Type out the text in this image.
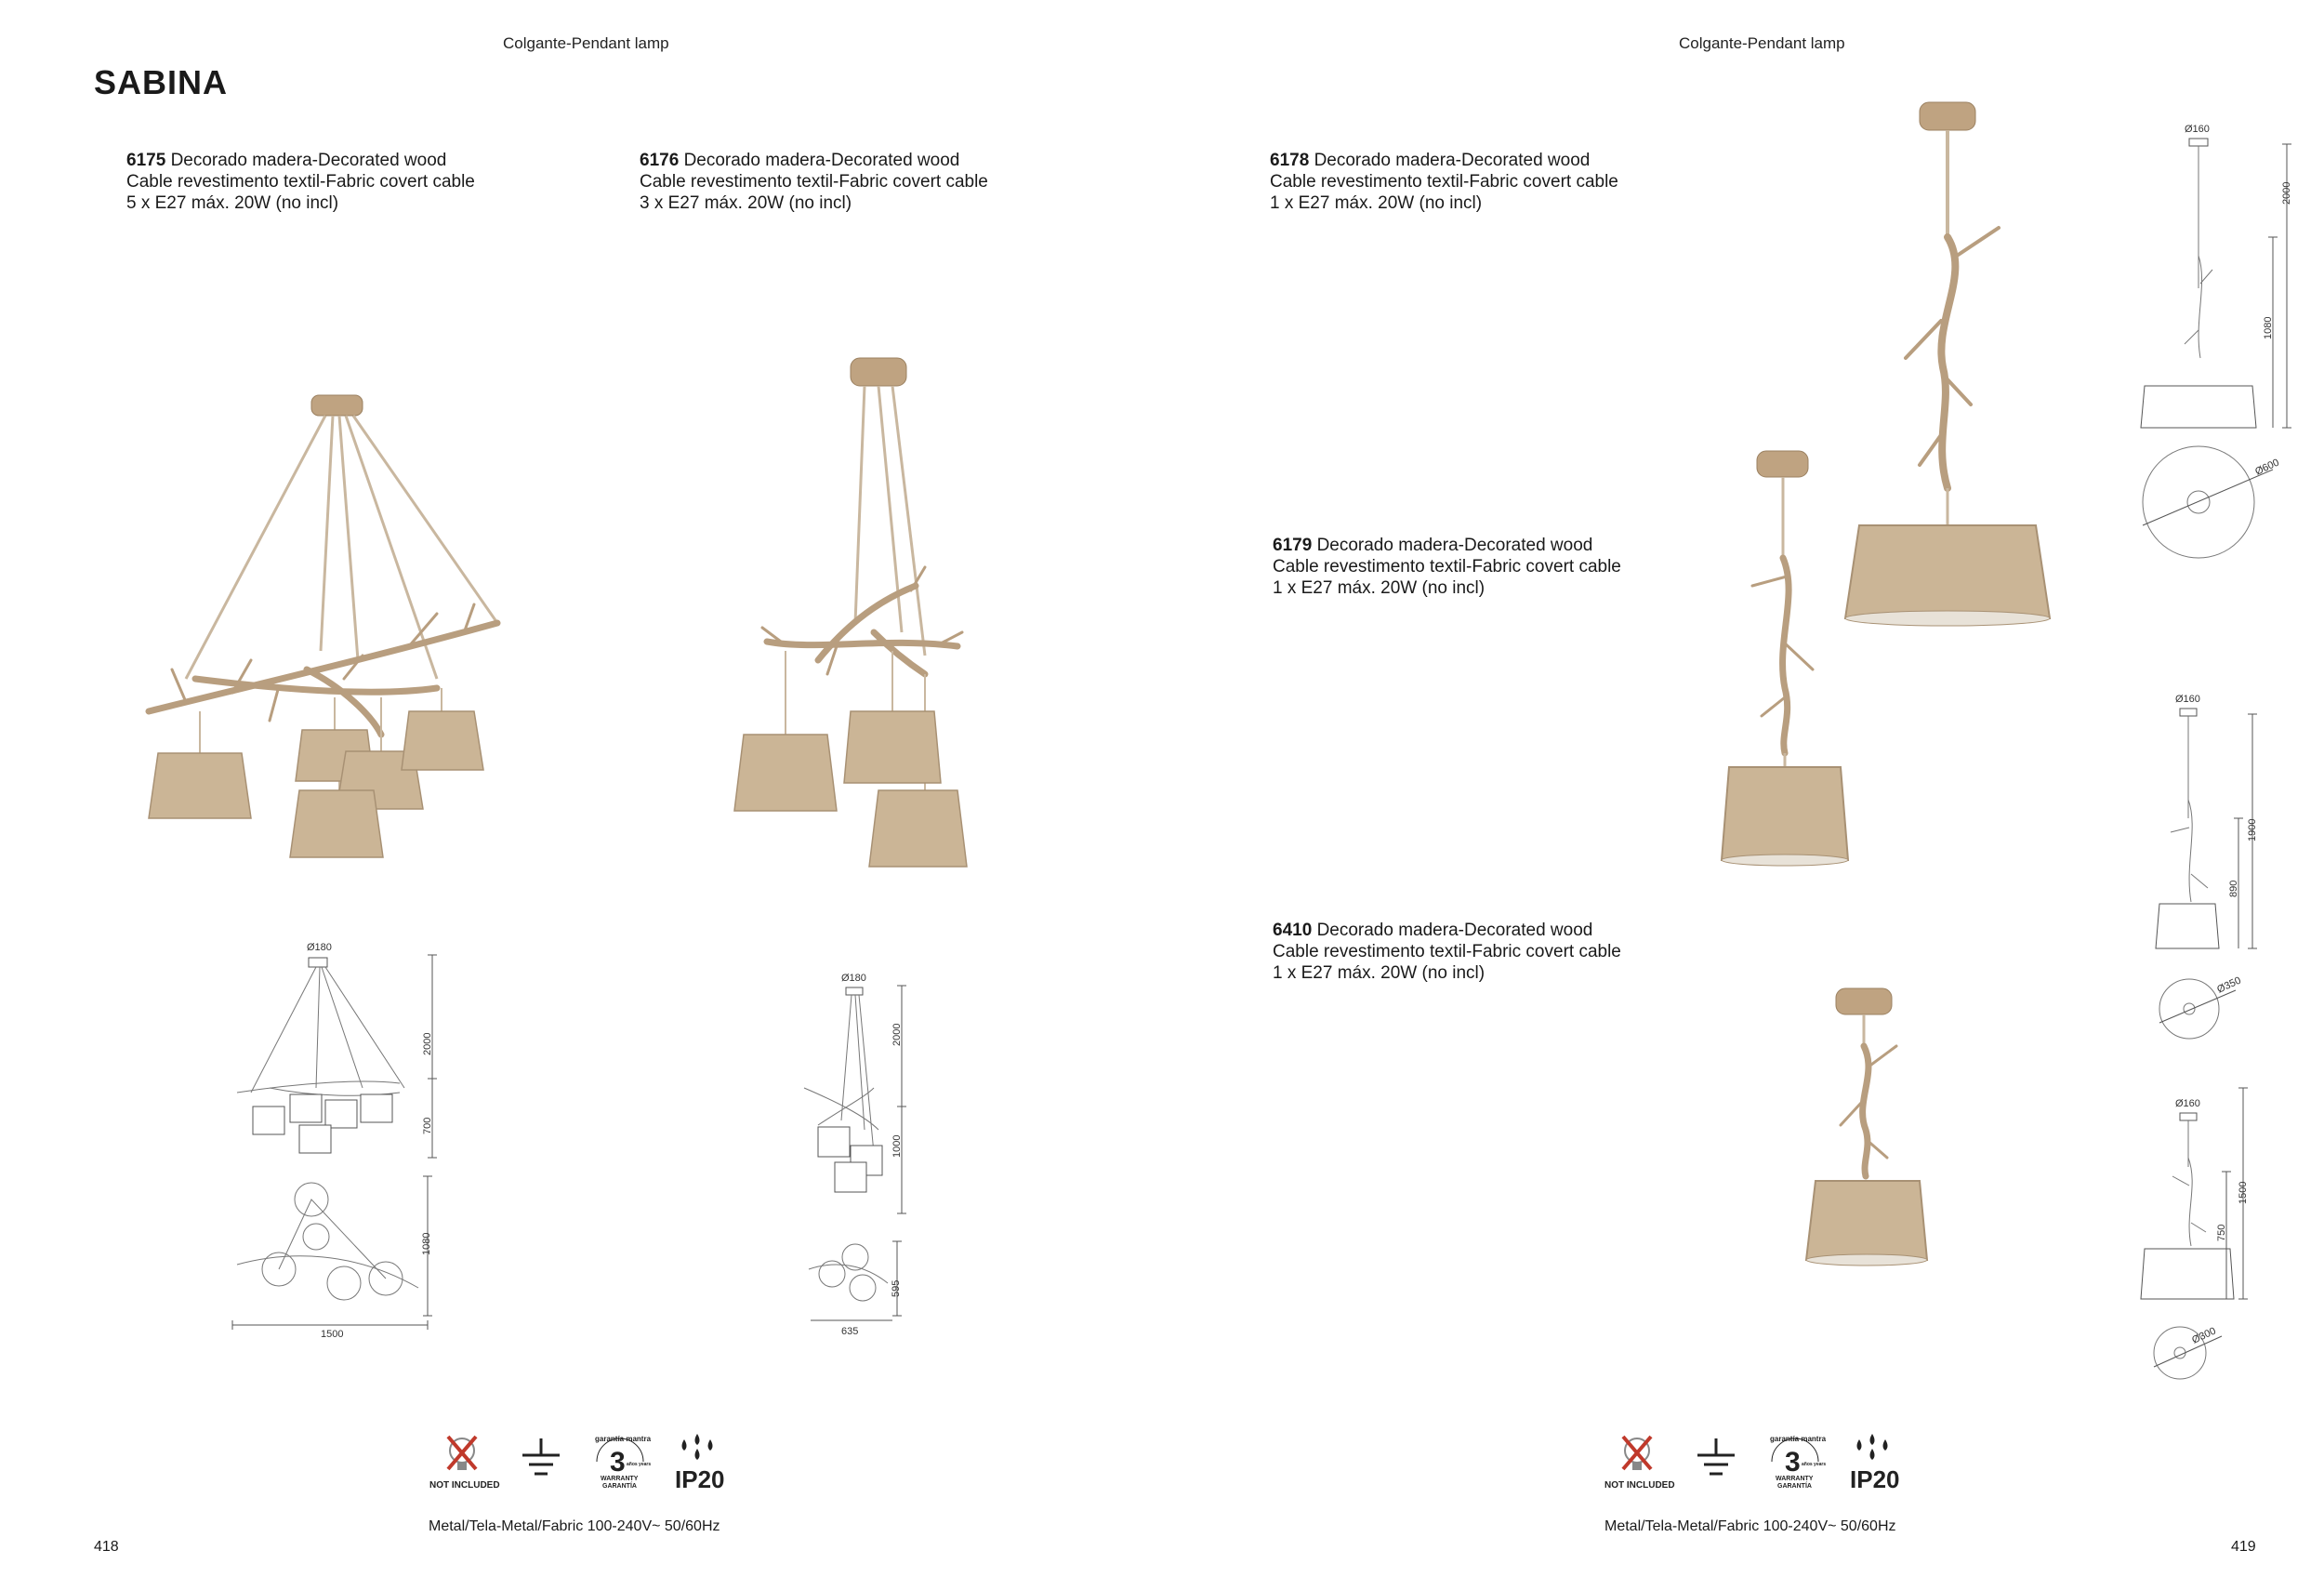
Colgante-Pendant lamp
SABINA
6175 Decorado madera-Decorated wood
Cable revestimento textil-Fabric covert cable
5 x E27 máx. 20W (no incl)
6176 Decorado madera-Decorated wood
Cable revestimento textil-Fabric covert cable
3 x E27 máx. 20W (no incl)
Ø180
2000
700
1080
1500
Ø180
2000
1000
595
635
NOT INCLUDED
garantía mantra
3 años years
WARRANTY
GARANTÍA IP20
Metal/Tela-Metal/Fabric 100-240V~ 50/60Hz
418
Colgante-Pendant lamp
6178 Decorado madera-Decorated wood
Cable revestimento textil-Fabric covert cable
1 x E27 máx. 20W (no incl)
6179 Decorado madera-Decorated wood
Cable revestimento textil-Fabric covert cable
1 x E27 máx. 20W (no incl)
6410 Decorado madera-Decorated wood
Cable revestimento textil-Fabric covert cable
1 x E27 máx. 20W (no incl)
Ø160
2000
1080
Ø600
Ø160
1900
890
Ø350
Ø160
1500
750
Ø300
NOT INCLUDED
garantía mantra
3 años years
WARRANTY
GARANTÍA IP20
Metal/Tela-Metal/Fabric 100-240V~ 50/60Hz
419
